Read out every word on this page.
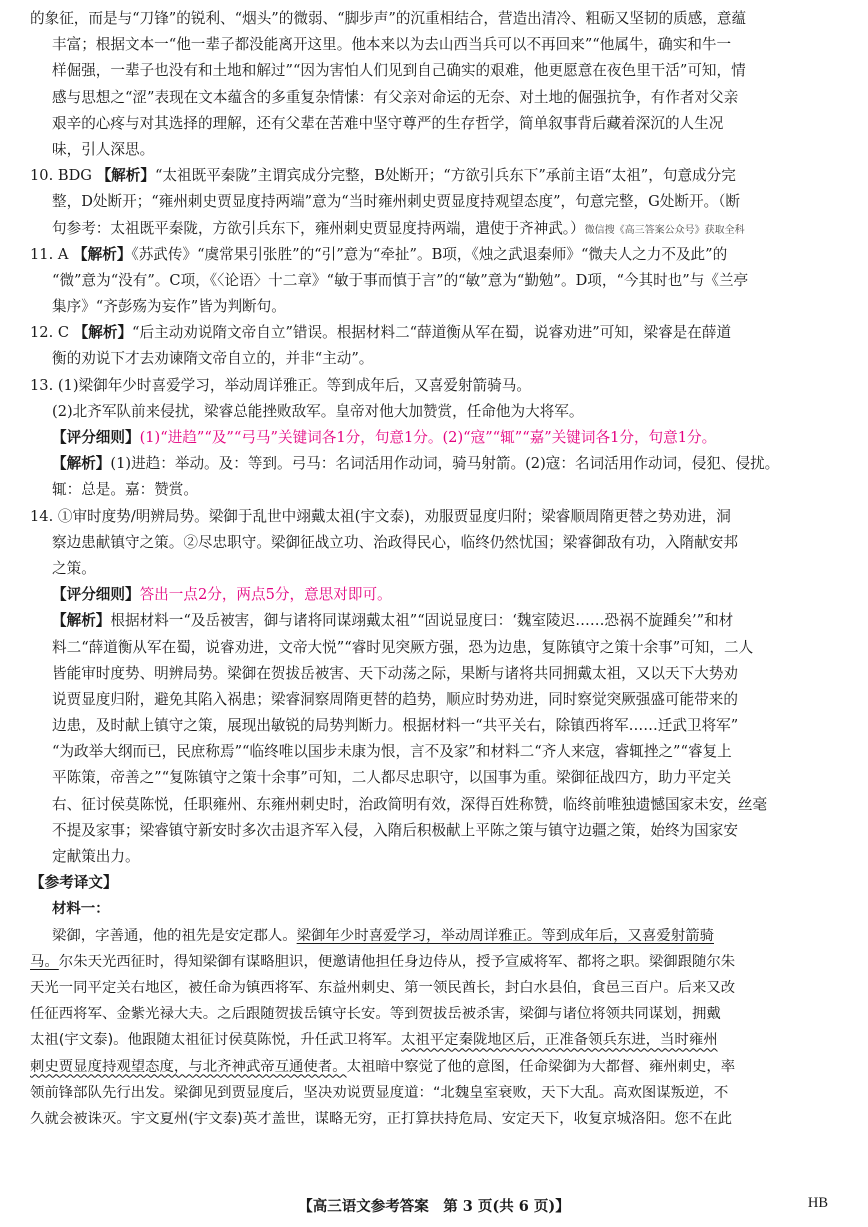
的象征，而是与“刀锋”的锐利、“烟头”的微弱、“脚步声”的沉重相结合，营造出清冷、粗砺又坚韧的质感，意蕴
丰富；根据文本一“他一辈子都没能离开这里。他本来以为去山西当兵可以不再回来”“他属牛，确实和牛一
样倔强，一辈子也没有和土地和解过”“因为害怕人们见到自己确实的艰难，他更愿意在夜色里干活”可知，情
感与思想之“涩”表现在文本蕴含的多重复杂情愫：有父亲对命运的无奈、对土地的倔强抗争，有作者对父亲
艰辛的心疼与对其选择的理解，还有父辈在苦难中坚守尊严的生存哲学，简单叙事背后藏着深沉的人生况
味，引人深思。
10. BDG 【解析】“太祖既平秦陇”主谓宾成分完整，B处断开；“方欲引兵东下”承前主语“太祖”，句意成分完
整，D处断开；“雍州刺史贾显度持两端”意为“当时雍州刺史贾显度持观望态度”，句意完整，G处断开。（断
句参考：太祖既平秦陇，方欲引兵东下，雍州刺史贾显度持两端，遣使于齐神武。）微信搜《高三答案公众号》获取全科
11. A 【解析】《苏武传》“虞常果引张胜”的“引”意为“牵扯”。B项，《烛之武退秦师》“微夫人之力不及此”的
“微”意为“没有”。C项，《〈论语〉十二章》“敏于事而慎于言”的“敏”意为“勤勉”。D项，“今其时也”与《兰亭
集序》“齐彭殇为妄作”皆为判断句。
12. C 【解析】“后主动劝说隋文帝自立”错误。根据材料二“薛道衡从军在蜀，说睿劝进”可知，梁睿是在薛道
衡的劝说下才去劝谏隋文帝自立的，并非“主动”。
13. (1)梁御年少时喜爱学习，举动周详雅正。等到成年后，又喜爱射箭骑马。
(2)北齐军队前来侵扰，梁睿总能挫败敌军。皇帝对他大加赞赏，任命他为大将军。
【评分细则】(1)“进趋”“及”“弓马”关键词各1分，句意1分。(2)“寇”“辄”“嘉”关键词各1分，句意1分。
【解析】(1)进趋：举动。及：等到。弓马：名词活用作动词，骑马射箭。(2)寇：名词活用作动词，侵犯、侵扰。
辄：总是。嘉：赞赏。
14. ①审时度势/明辨局势。梁御于乱世中翊戴太祖(宇文泰)，劝服贾显度归附；梁睿顺周隋更替之势劝进，洞
察边患献镇守之策。②尽忠职守。梁御征战立功、治政得民心，临终仍然忧国；梁睿御敌有功，入隋献安邦
之策。
【评分细则】答出一点2分，两点5分，意思对即可。
【解析】根据材料一“及岳被害，御与诸将同谋翊戴太祖”“固说显度曰：‘魏室陵迟……恐祸不旋踵矣’”和材
料二“薛道衡从军在蜀，说睿劝进，文帝大悦”“睿时见突厥方强，恐为边患，复陈镇守之策十余事”可知，二人
皆能审时度势、明辨局势。梁御在贺拔岳被害、天下动荡之际，果断与诸将共同拥戴太祖，又以天下大势劝
说贾显度归附，避免其陷入祸患；梁睿洞察周隋更替的趋势，顺应时势劝进，同时察觉突厥强盛可能带来的
边患，及时献上镇守之策，展现出敏锐的局势判断力。根据材料一“共平关右，除镇西将军……迁武卫将军”
“为政举大纲而已，民庶称焉”“临终唯以国步未康为恨，言不及家”和材料二“齐人来寇，睿辄挫之”“睿复上
平陈策，帝善之”“复陈镇守之策十余事”可知，二人都尽忠职守，以国事为重。梁御征战四方，助力平定关
右、征讨侯莫陈悦，任职雍州、东雍州刺史时，治政简明有效，深得百姓称赞，临终前唯独遗憾国家未安，丝毫
不提及家事；梁睿镇守新安时多次击退齐军入侵，入隋后积极献上平陈之策与镇守边疆之策，始终为国家安
定献策出力。
【参考译文】
材料一：
梁御，字善通，他的祖先是安定郡人。梁御年少时喜爱学习，举动周详雅正。等到成年后，又喜爱射箭骑
马。尔朱天光西征时，得知梁御有谋略胆识，便邀请他担任身边侍从，授予宣威将军、都将之职。梁御跟随尔朱
天光一同平定关右地区，被任命为镇西将军、东益州刺史、第一领民酋长，封白水县伯，食邑三百户。后来又改
任征西将军、金紫光禄大夫。之后跟随贺拔岳镇守长安。等到贺拔岳被杀害，梁御与诸位将领共同谋划，拥戴
太祖(宇文泰)。他跟随太祖征讨侯莫陈悦，升任武卫将军。太祖平定秦陇地区后，正准备领兵东进，当时雍州
刺史贾显度持观望态度，与北齐神武帝互通使者。太祖暗中察觉了他的意图，任命梁御为大都督、雍州刺史，率
领前锋部队先行出发。梁御见到贾显度后，坚决劝说贾显度道：“北魏皇室衰败，天下大乱。高欢图谋叛逆，不
久就会被诛灭。宇文夏州(宇文泰)英才盖世，谋略无穷，正打算扶持危局、安定天下，收复京城洛阳。您不在此
【高三语文参考答案　第 3 页(共 6 页)】	HB
